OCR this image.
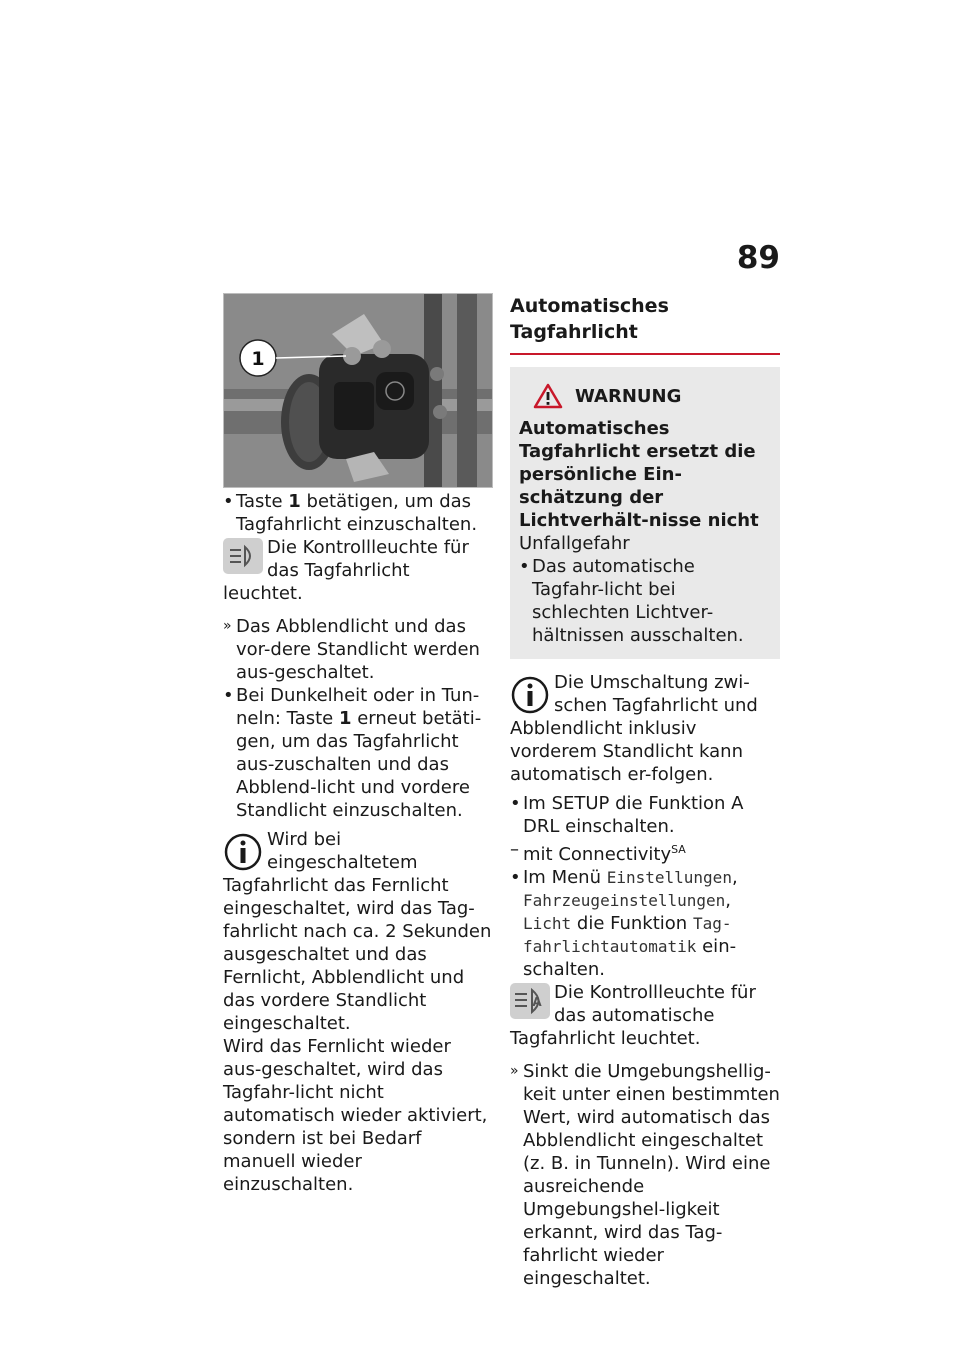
89
1

• Taste 1 betätigen, um das Tagfahrlicht einzuschalten.

Die Kontrollleuchte für das Tagfahrlicht leuchtet.

» Das Abblendlicht und das vor-dere Standlicht werden aus-geschaltet.

• Bei Dunkelheit oder in Tun-neln: Taste 1 erneut betäti-gen, um das Tagfahrlicht aus-zuschalten und das Abblend-licht und vordere Standlicht einzuschalten.

Wird bei eingeschaltetem Tagfahrlicht das Fernlicht eingeschaltet, wird das Tag-fahrlicht nach ca. 2 Sekunden ausgeschaltet und das Fernlicht, Abblendlicht und das vordere Standlicht eingeschaltet.

Wird das Fernlicht wieder aus-geschaltet, wird das Tagfahr-licht nicht automatisch wieder aktiviert, sondern ist bei Bedarf manuell wieder einzuschalten.

Automatisches Tagfahrlicht

WARNUNG

Automatisches Tagfahrlicht ersetzt die persönliche Ein-schätzung der Lichtverhält-nisse nicht

Unfallgefahr

• Das automatische Tagfahr-licht bei schlechten Lichtver-hältnissen ausschalten.

Die Umschaltung zwi-schen Tagfahrlicht und Abblendlicht inklusiv vorderem Standlicht kann automatisch er-folgen.

• Im SETUP die Funktion A DRL einschalten.

– mit Connectivity$^{SA}$

• Im Menü Einstellungen, Fahrzeugeinstellungen, Licht die Funktion Tag-fahrlichtautomatik ein-schalten.

A Die Kontrollleuchte für das automatische Tagfahrlicht leuchtet.

» Sinkt die Umgebungshellig-keit unter einen bestimmten Wert, wird automatisch das Abblendlicht eingeschaltet (z. B. in Tunneln). Wird eine ausreichende Umgebungshel-ligkeit erkannt, wird das Tag-fahrlicht wieder eingeschaltet.
